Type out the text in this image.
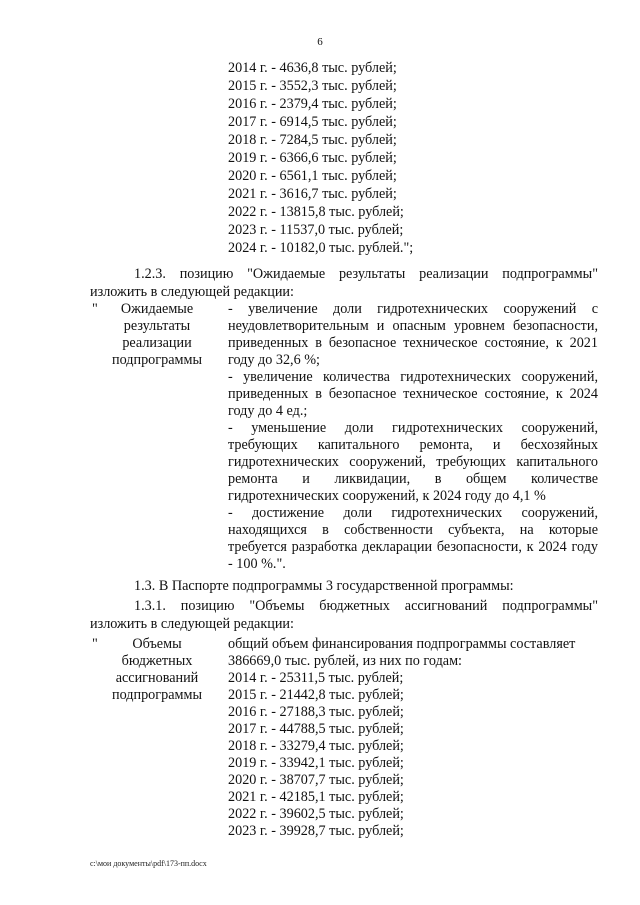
6
2014 г. - 4636,8 тыс. рублей;
2015 г. - 3552,3 тыс. рублей;
2016 г. - 2379,4 тыс. рублей;
2017 г. - 6914,5 тыс. рублей;
2018 г. - 7284,5 тыс. рублей;
2019 г. - 6366,6 тыс. рублей;
2020 г. - 6561,1 тыс. рублей;
2021 г. - 3616,7 тыс. рублей;
2022 г. - 13815,8 тыс. рублей;
2023 г. - 11537,0 тыс. рублей;
2024 г. - 10182,0 тыс. рублей.";
1.2.3. позицию "Ожидаемые результаты реализации подпрограммы"
изложить в следующей редакции:
"	Ожидаемые результаты реализации подпрограммы
- увеличение доли гидротехнических сооружений с неудовлетворительным и опасным уровнем безопасности, приведенных в безопасное техническое состояние, к 2021 году до 32,6 %;
- увеличение количества гидротехнических сооружений, приведенных в безопасное техническое состояние, к 2024 году до 4 ед.;
- уменьшение доли гидротехнических сооружений, требующих капитального ремонта, и бесхозяйных гидротехнических сооружений, требующих капитального ремонта и ликвидации, в общем количестве гидротехнических сооружений, к 2024 году до 4,1 %
- достижение доли гидротехнических сооружений, находящихся в собственности субъекта, на которые требуется разработка декларации безопасности, к 2024 году - 100 %.".
1.3. В Паспорте подпрограммы 3 государственной программы:
1.3.1. позицию "Объемы бюджетных ассигнований подпрограммы"
изложить в следующей редакции:
"	Объемы бюджетных ассигнований подпрограммы
общий объем финансирования подпрограммы составляет
386669,0 тыс. рублей, из них по годам:
2014 г. - 25311,5 тыс. рублей;
2015 г. - 21442,8 тыс. рублей;
2016 г. - 27188,3 тыс. рублей;
2017 г. - 44788,5 тыс. рублей;
2018 г. - 33279,4 тыс. рублей;
2019 г. - 33942,1 тыс. рублей;
2020 г. - 38707,7 тыс. рублей;
2021 г. - 42185,1 тыс. рублей;
2022 г. - 39602,5 тыс. рублей;
2023 г. - 39928,7 тыс. рублей;
c:\мои документы\pdf\173-пп.docx
